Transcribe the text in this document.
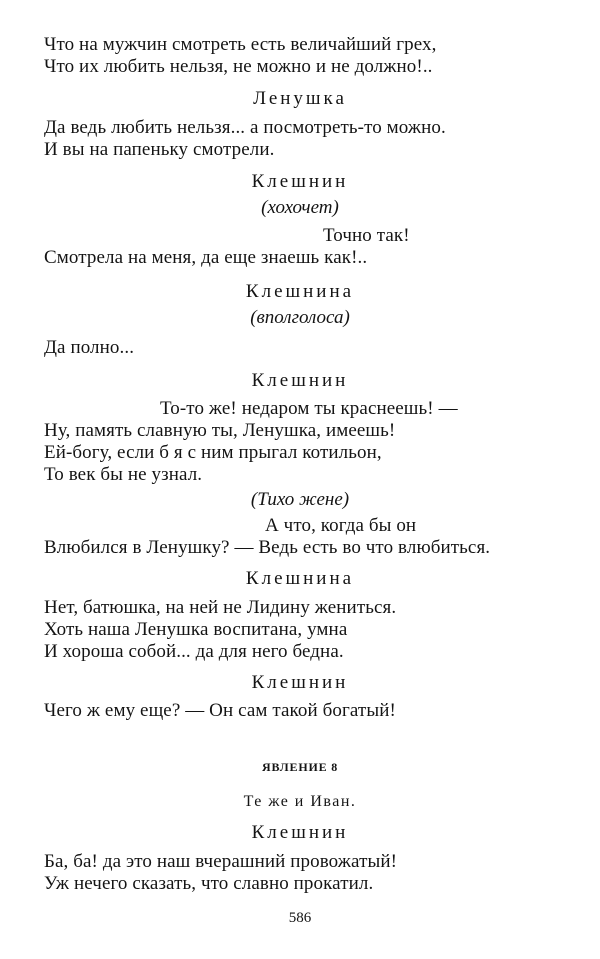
Что на мужчин смотреть есть величайший грех,

Что их любить нельзя, не можно и не должно!..

Ленушка

Да ведь любить нельзя... а посмотреть-то можно.

И вы на папеньку смотрели.

Клешнин

(хохочет)

Точно так!

Смотрела на меня, да еще знаешь как!..

Клешнина

(вполголоса)

Да полно...

Клешнин

То-то же! недаром ты краснеешь! —

Ну, память славную ты, Ленушка, имеешь!

Ей-богу, если б я с ним прыгал котильон,

То век бы не узнал.

(Тихо жене)

А что, когда бы он

Влюбился в Ленушку? — Ведь есть во что влюбиться.

Клешнина

Нет, батюшка, на ней не Лидину жениться.

Хоть наша Ленушка воспитана, умна

И хороша собой... да для него бедна.

Клешнин

Чего ж ему еще? — Он сам такой богатый!

ЯВЛЕНИЕ 8

Те же и Иван.

Клешнин

Ба, ба! да это наш вчерашний провожатый!

Уж нечего сказать, что славно прокатил.

586
